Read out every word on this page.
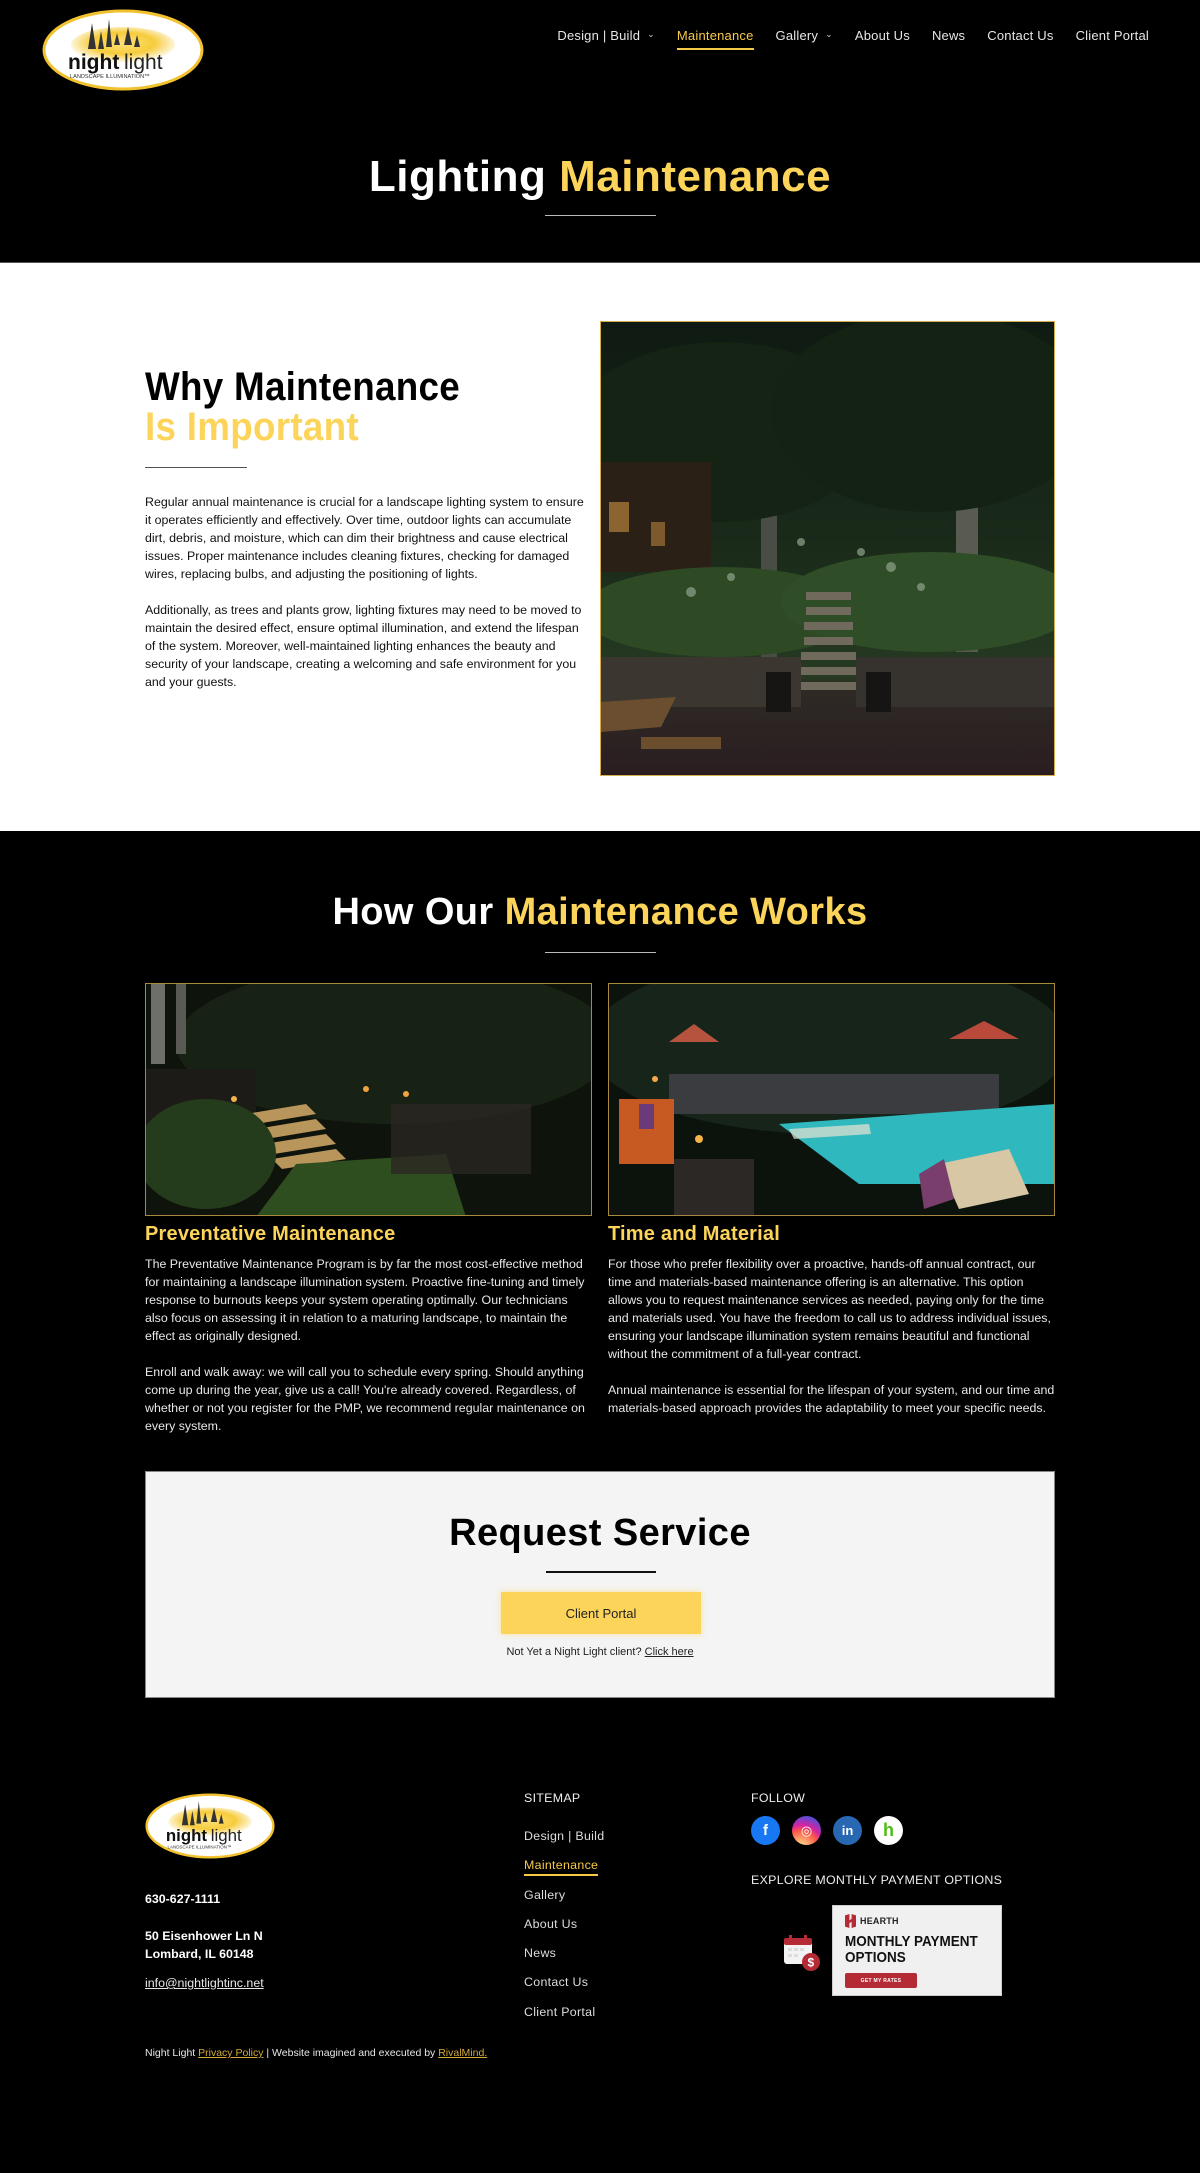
night light
LANDSCAPE ILLUMINATION™
Design | Build ⌄ Maintenance Gallery ⌄ About Us News Contact Us Client Portal
Lighting Maintenance
Why Maintenance
Is Important

Regular annual maintenance is crucial for a landscape lighting system to ensure it operates efficiently and effectively. Over time, outdoor lights can accumulate dirt, debris, and moisture, which can dim their brightness and cause electrical issues. Proper maintenance includes cleaning fixtures, checking for damaged wires, replacing bulbs, and adjusting the positioning of lights.

Additionally, as trees and plants grow, lighting fixtures may need to be moved to maintain the desired effect, ensure optimal illumination, and extend the lifespan of the system. Moreover, well-maintained lighting enhances the beauty and security of your landscape, creating a welcoming and safe environment for you and your guests.

How Our Maintenance Works
Preventative Maintenance

The Preventative Maintenance Program is by far the most cost-effective method for maintaining a landscape illumination system. Proactive fine-tuning and timely response to burnouts keeps your system operating optimally. Our technicians also focus on assessing it in relation to a maturing landscape, to maintain the effect as originally designed.

Enroll and walk away: we will call you to schedule every spring. Should anything come up during the year, give us a call! You're already covered. Regardless, of whether or not you register for the PMP, we recommend regular maintenance on every system.

Time and Material

For those who prefer flexibility over a proactive, hands-off annual contract, our time and materials-based maintenance offering is an alternative. This option allows you to request maintenance services as needed, paying only for the time and materials used. You have the freedom to call us to address individual issues, ensuring your landscape illumination system remains beautiful and functional without the commitment of a full-year contract.

Annual maintenance is essential for the lifespan of your system, and our time and materials-based approach provides the adaptability to meet your specific needs.

Request Service
Client Portal
Not Yet a Night Light client? Click here
night light
LANDSCAPE ILLUMINATION™
630-627-1111
50 Eisenhower Ln N
Lombard, IL 60148
info@nightlightinc.net
SITEMAP
Design | Build
Maintenance
Gallery
About Us
News
Contact Us
Client Portal
FOLLOW
f	◎	in	h
EXPLORE MONTHLY PAYMENT OPTIONS
$
HEARTH
MONTHLY PAYMENT
OPTIONS
GET MY RATES
Night Light Privacy Policy | Website imagined and executed by RivalMind.
